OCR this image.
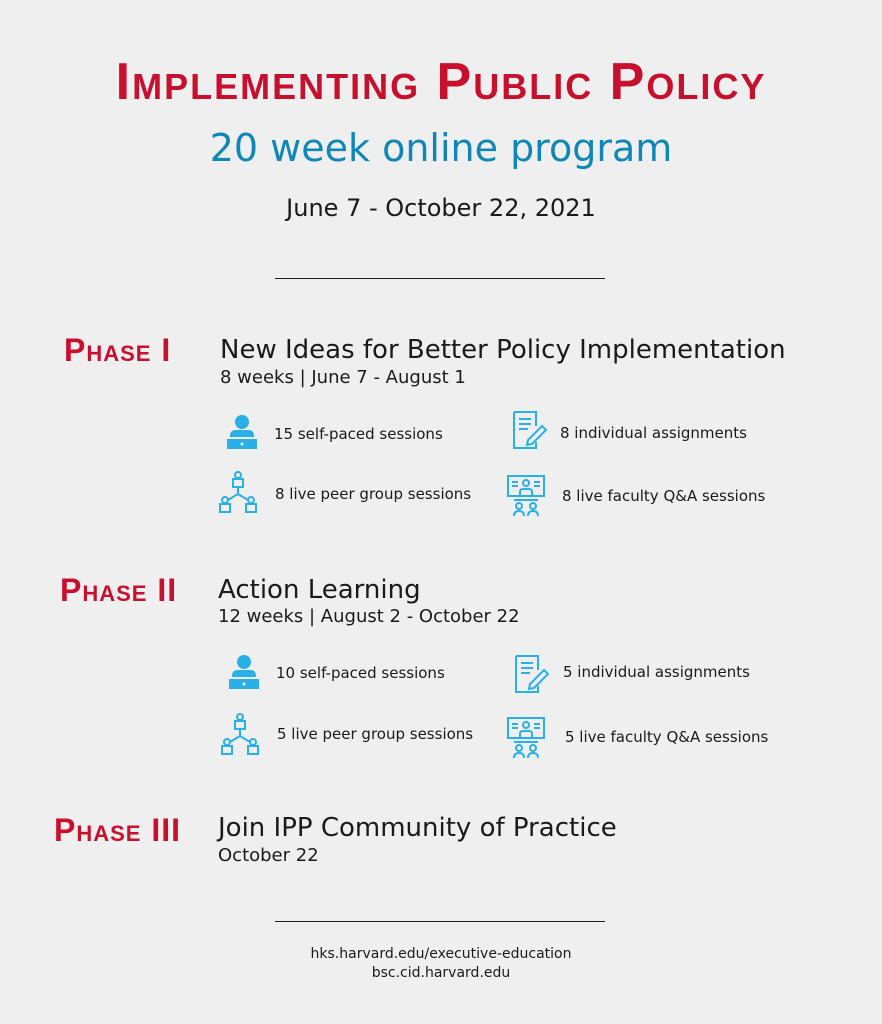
Implementing Public Policy
20 week online program
June 7 - October 22, 2021
Phase I New Ideas for Better Policy Implementation
8 weeks | June 7 - August 1
15 self-paced sessions	8 individual assignments
8 live peer group sessions	8 live faculty Q&A sessions
Phase II Action Learning
12 weeks | August 2 - October 22
10 self-paced sessions	5 individual assignments
5 live peer group sessions	5 live faculty Q&A sessions
Phase III Join IPP Community of Practice
October 22
hks.harvard.edu/executive-education
bsc.cid.harvard.edu
